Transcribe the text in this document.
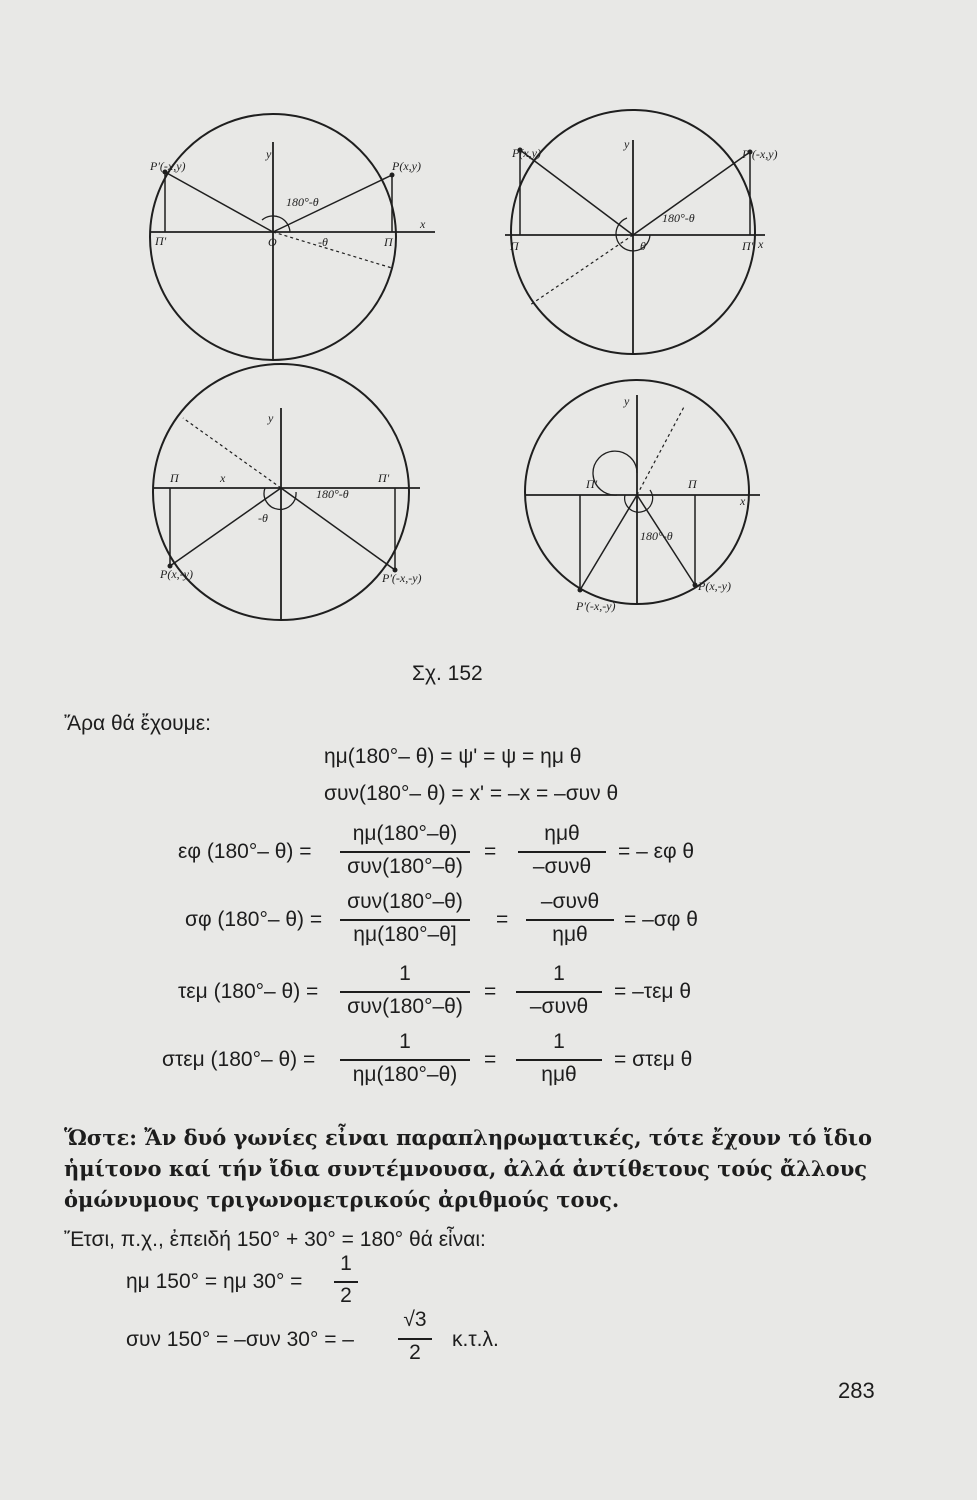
P'(-x,y)	P(x,y)
y
x
O
Π'	Π
180°-θ
-θ
P(x,y)	P'(-x,y)
y
x
Π	Π'
180°-θ
θ
y
Π	Π'
x
180°-θ
-θ
P(x,-y)	P'(-x,-y)
y
x
Π'	Π
180°-θ
P(x,-y)
P'(-x,-y)
Σχ. 152
Ἄρα θά ἔχουμε:
ημ(180°– θ) = ψ' = ψ = ημ θ
συν(180°– θ) = x' = –x = –συν θ
εφ (180°– θ) =
ημ(180°–θ)
συν(180°–θ)
=
ημθ
–συνθ
= – εφ θ
σφ (180°– θ) =
συν(180°–θ)
ημ(180°–θ]
=
–συνθ
ημθ
= –σφ θ
τεμ (180°– θ) =
1
συν(180°–θ)
=
1
–συνθ
= –τεμ θ
στεμ (180°– θ) =
1
ημ(180°–θ)
=
1
ημθ
= στεμ θ
Ὥστε: Ἄν δυό γωνίες εἶναι παραπληρωματικές, τότε ἔχουν τό ἴδιο ἡμίτονο καί τήν ἴδια συντέμνουσα, ἀλλά ἀντίθετους τούς ἄλλους ὁμώνυμους τριγωνομετρικούς ἀριθμούς τους.
Ἔτσι, π.χ., ἐπειδή 150° + 30° = 180° θά εἶναι:
ημ 150° = ημ 30° =
1
2
συν 150° = –συν 30° = –
√3
2
κ.τ.λ.
283
